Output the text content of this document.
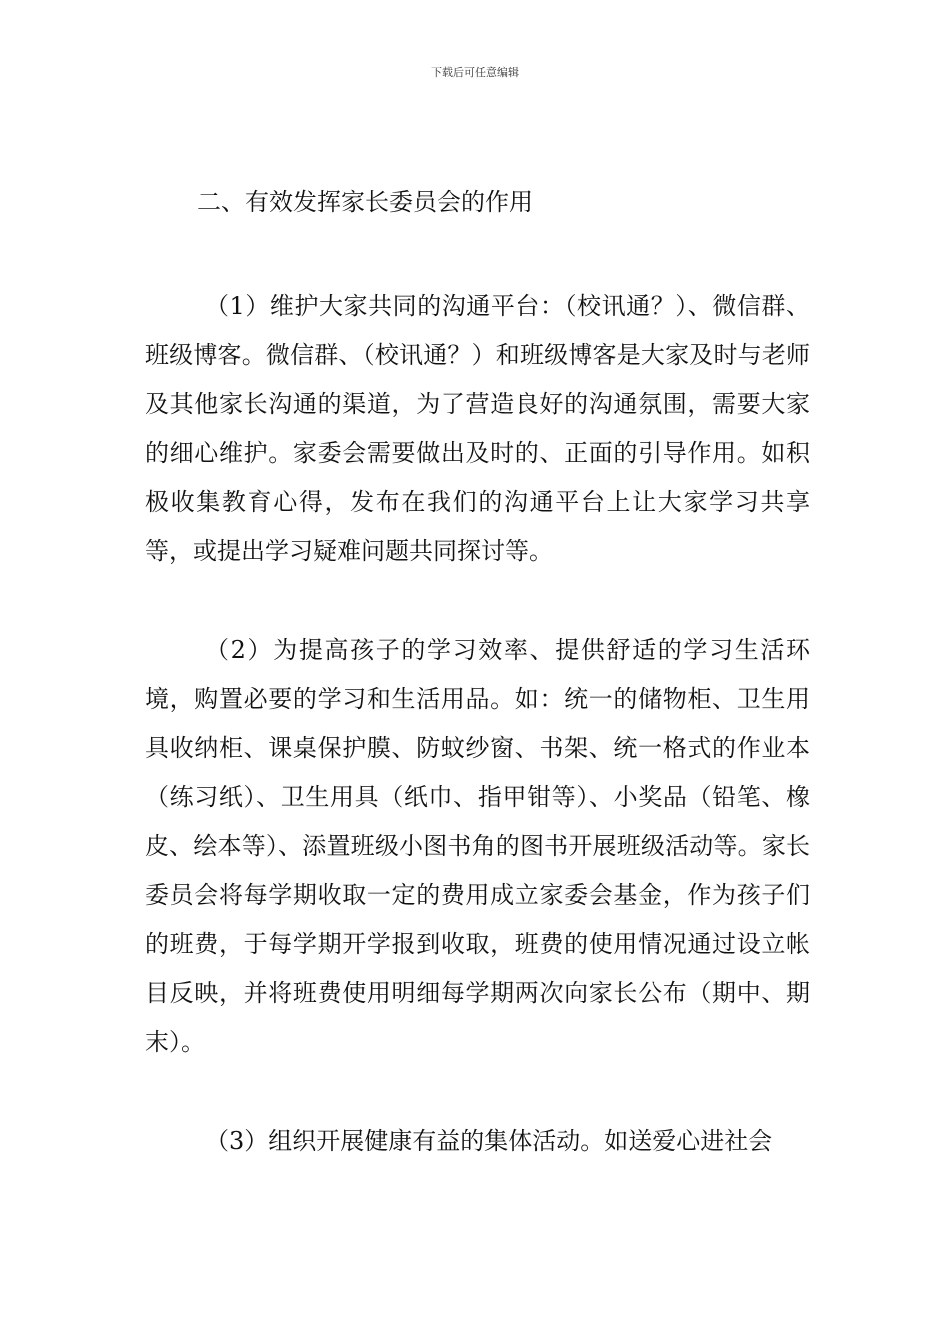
下载后可任意编辑
二、有效发挥家长委员会的作用

（1）维护大家共同的沟通平台：（校讯通？）、微信群、班级博客。微信群、（校讯通？）和班级博客是大家及时与老师及其他家长沟通的渠道，为了营造良好的沟通氛围，需要大家的细心维护。家委会需要做出及时的、正面的引导作用。如积极收集教育心得，发布在我们的沟通平台上让大家学习共享等，或提出学习疑难问题共同探讨等。

（2）为提高孩子的学习效率、提供舒适的学习生活环境，购置必要的学习和生活用品。如：统一的储物柜、卫生用具收纳柜、课桌保护膜、防蚊纱窗、书架、统一格式的作业本（练习纸）、卫生用具（纸巾、指甲钳等）、小奖品（铅笔、橡皮、绘本等）、添置班级小图书角的图书开展班级活动等。家长委员会将每学期收取一定的费用成立家委会基金，作为孩子们的班费，于每学期开学报到收取，班费的使用情况通过设立帐目反映，并将班费使用明细每学期两次向家长公布（期中、期末）。

（3）组织开展健康有益的集体活动。如送爱心进社会
